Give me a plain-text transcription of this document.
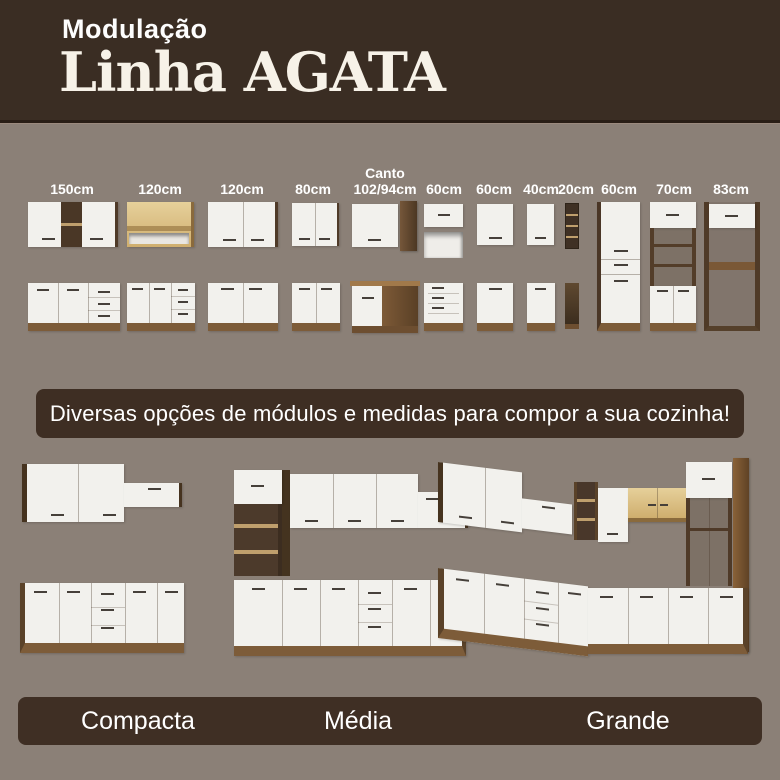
Modulação
Linha AGATA
150cm	120cm	120cm	80cm
Canto 102/94cm 60cm	60cm 40cm 20cm 60cm	70cm	83cm
Diversas opções de módulos e medidas para compor a sua cozinha!
Compacta	Média	Grande
